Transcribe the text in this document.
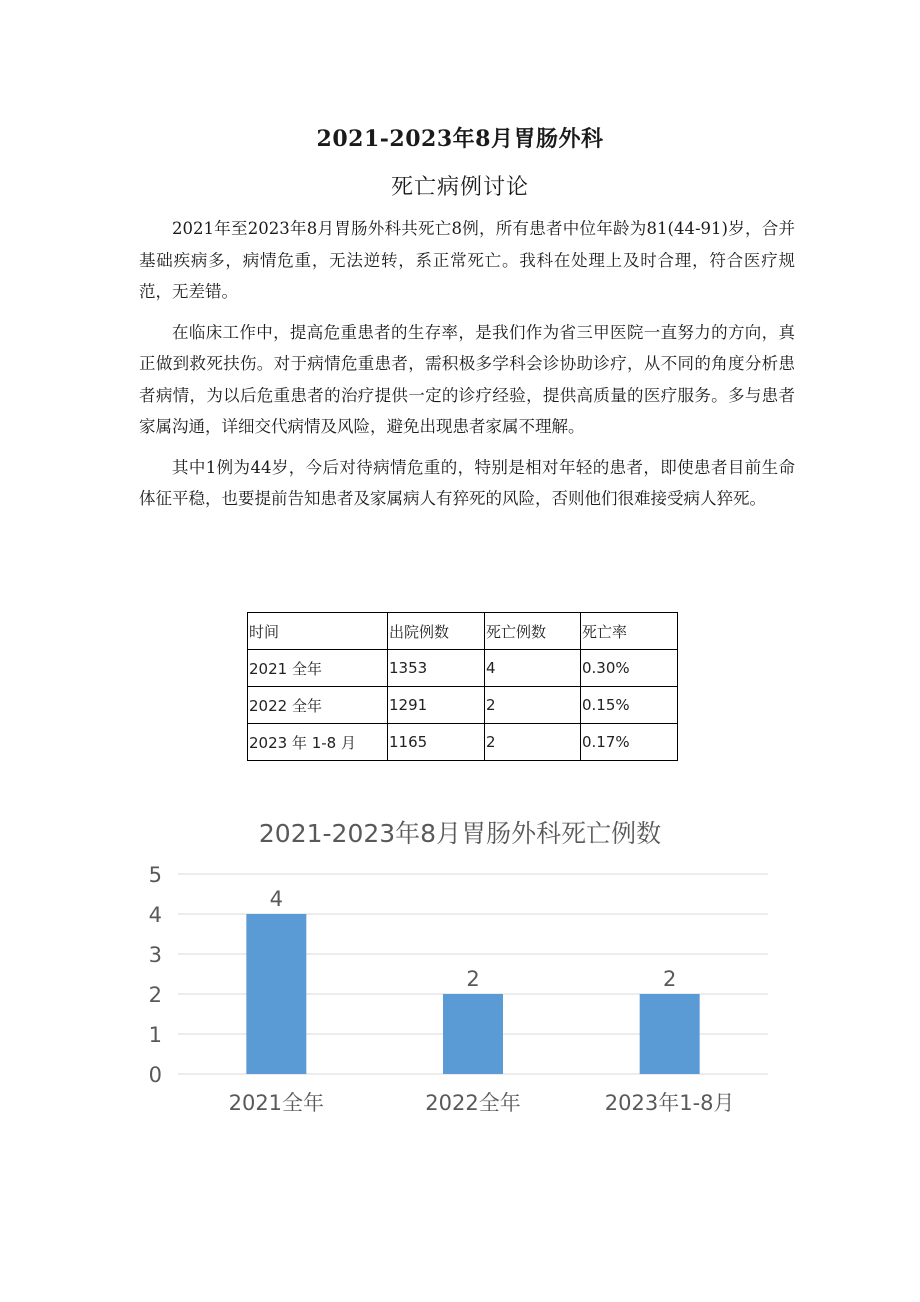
2021-2023年8月胃肠外科
死亡病例讨论

2021年至2023年8月胃肠外科共死亡8例，所有患者中位年龄为81(44-91)岁，合并基础疾病多，病情危重，无法逆转，系正常死亡。我科在处理上及时合理，符合医疗规范，无差错。

在临床工作中，提高危重患者的生存率，是我们作为省三甲医院一直努力的方向，真正做到救死扶伤。对于病情危重患者，需积极多学科会诊协助诊疗，从不同的角度分析患者病情，为以后危重患者的治疗提供一定的诊疗经验，提供高质量的医疗服务。多与患者家属沟通，详细交代病情及风险，避免出现患者家属不理解。

其中1例为44岁，今后对待病情危重的，特别是相对年轻的患者，即使患者目前生命体征平稳，也要提前告知患者及家属病人有猝死的风险，否则他们很难接受病人猝死。

时间	出院例数	死亡例数	死亡率
2021 全年	1353	4	0.30%
2022 全年	1291	2	0.15%
2023 年 1-8 月	1165	2	0.17%
2021-2023年8月胃肠外科死亡例数
0
1
2
3
4
5
4
2021全年
2
2022全年
2
2023年1-8月
